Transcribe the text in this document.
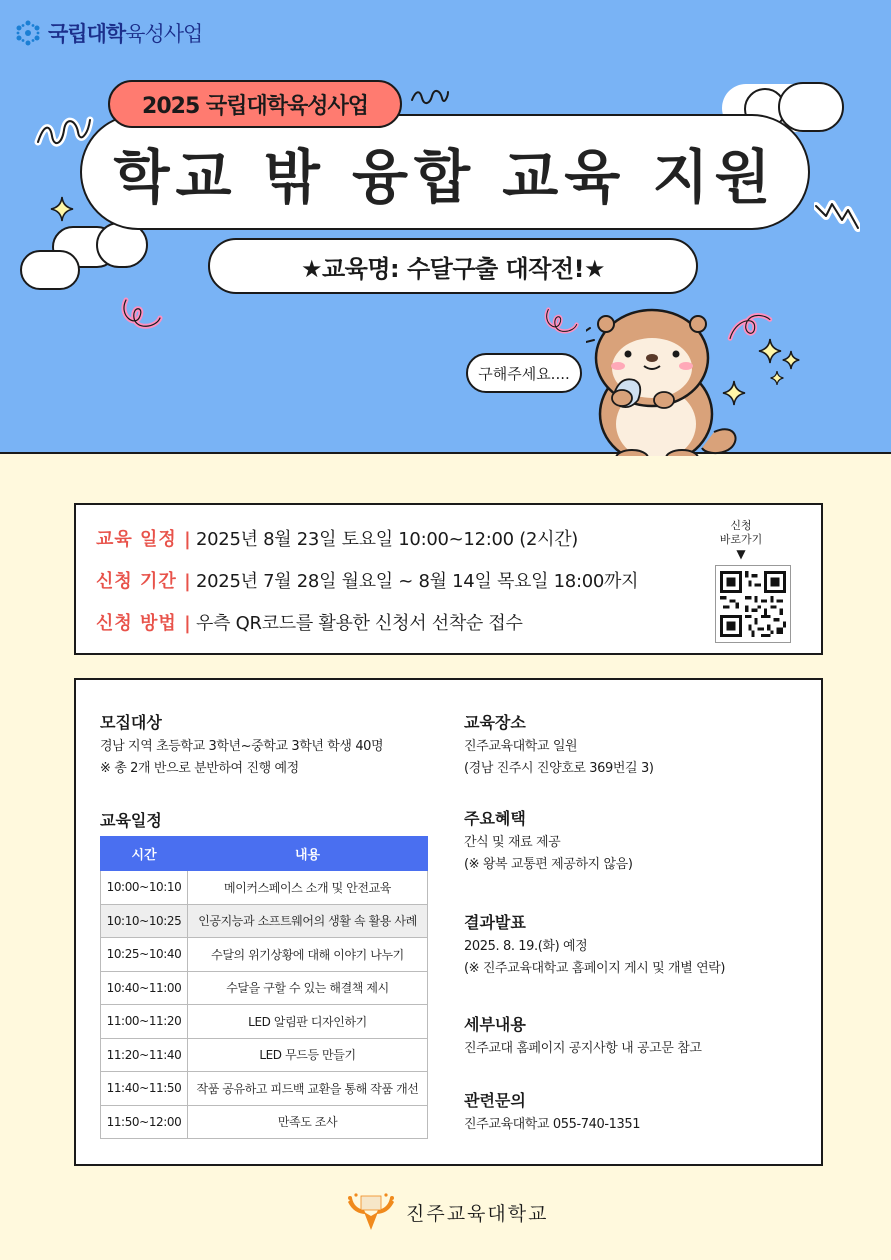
국립대학육성사업
2025 국립대학육성사업
학교 밖 융합 교육 지원
★교육명: 수달구출 대작전!★
구해주세요....
교육 일정 | 2025년 8월 23일 토요일 10:00~12:00 (2시간)
신청 기간 | 2025년 7월 28일 월요일 ~ 8월 14일 목요일 18:00까지
신청 방법 | 우측 QR코드를 활용한 신청서 선착순 접수
신청
바로가기
▼
모집대상
경남 지역 초등학교 3학년~중학교 3학년 학생 40명
※ 총 2개 반으로 분반하여 진행 예정
교육일정
시간	내용
10:00~10:10	메이커스페이스 소개 및 안전교육
10:10~10:25	인공지능과 소프트웨어의 생활 속 활용 사례
10:25~10:40	수달의 위기상황에 대해 이야기 나누기
10:40~11:00	수달을 구할 수 있는 해결책 제시
11:00~11:20	LED 알림판 디자인하기
11:20~11:40	LED 무드등 만들기
11:40~11:50	작품 공유하고 피드백 교환을 통해 작품 개선
11:50~12:00	만족도 조사
교육장소
진주교육대학교 일원
(경남 진주시 진양호로 369번길 3)
주요혜택
간식 및 재료 제공
(※ 왕복 교통편 제공하지 않음)
결과발표
2025. 8. 19.(화) 예정
(※ 진주교육대학교 홈페이지 게시 및 개별 연락)
세부내용
진주교대 홈페이지 공지사항 내 공고문 참고
관련문의
진주교육대학교 055-740-1351
진주교육대학교
